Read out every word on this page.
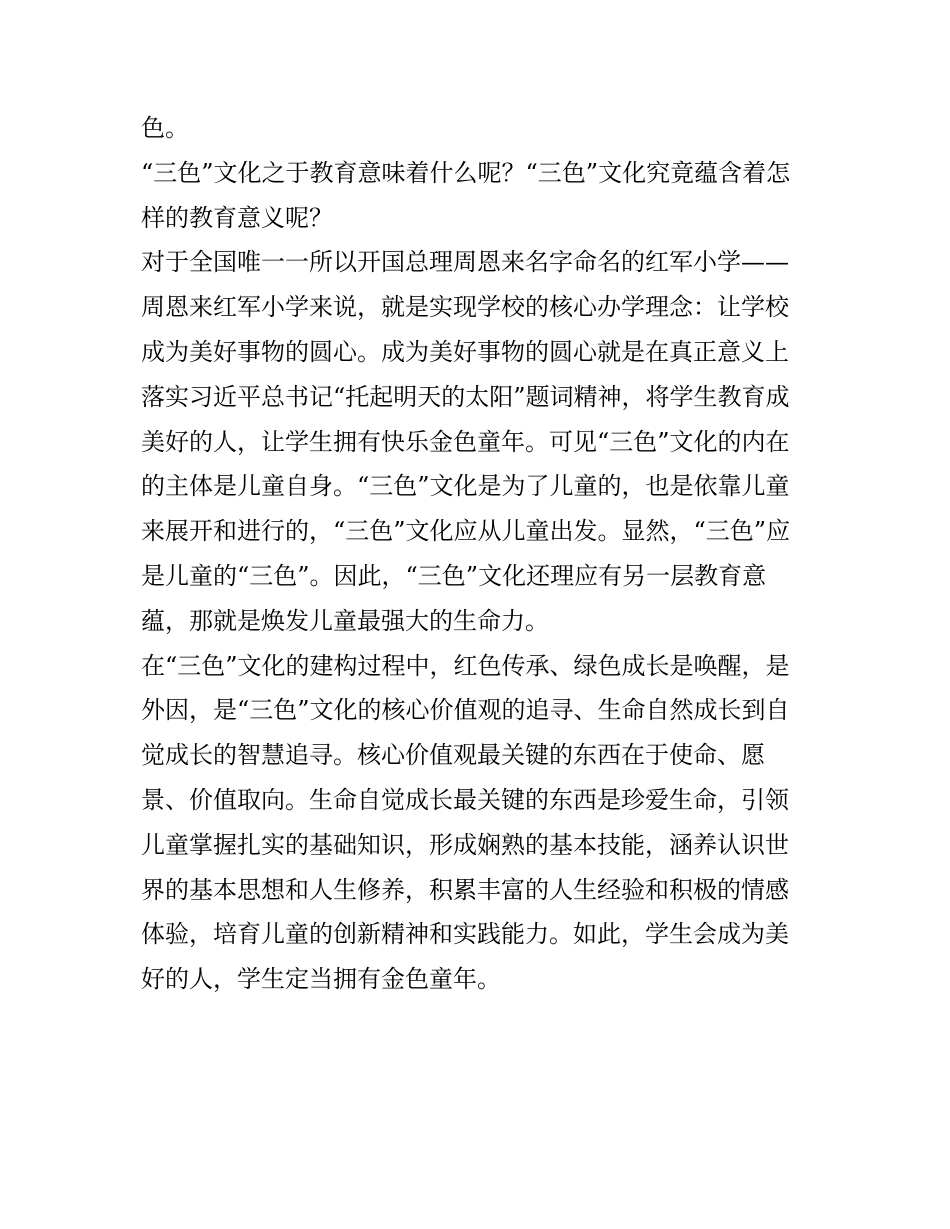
色。
“三色”文化之于教育意味着什么呢？“三色”文化究竟蕴含着怎
样的教育意义呢？
对于全国唯一一所以开国总理周恩来名字命名的红军小学——
周恩来红军小学来说，就是实现学校的核心办学理念：让学校
成为美好事物的圆心。成为美好事物的圆心就是在真正意义上
落实习近平总书记“托起明天的太阳”题词精神，将学生教育成
美好的人，让学生拥有快乐金色童年。可见“三色”文化的内在
的主体是儿童自身。“三色”文化是为了儿童的，也是依靠儿童
来展开和进行的，“三色”文化应从儿童出发。显然，“三色”应
是儿童的“三色”。因此，“三色”文化还理应有另一层教育意
蕴，那就是焕发儿童最强大的生命力。
在“三色”文化的建构过程中，红色传承、绿色成长是唤醒，是
外因，是“三色”文化的核心价值观的追寻、生命自然成长到自
觉成长的智慧追寻。核心价值观最关键的东西在于使命、愿
景、价值取向。生命自觉成长最关键的东西是珍爱生命，引领
儿童掌握扎实的基础知识，形成娴熟的基本技能，涵养认识世
界的基本思想和人生修养，积累丰富的人生经验和积极的情感
体验，培育儿童的创新精神和实践能力。如此，学生会成为美
好的人，学生定当拥有金色童年。
